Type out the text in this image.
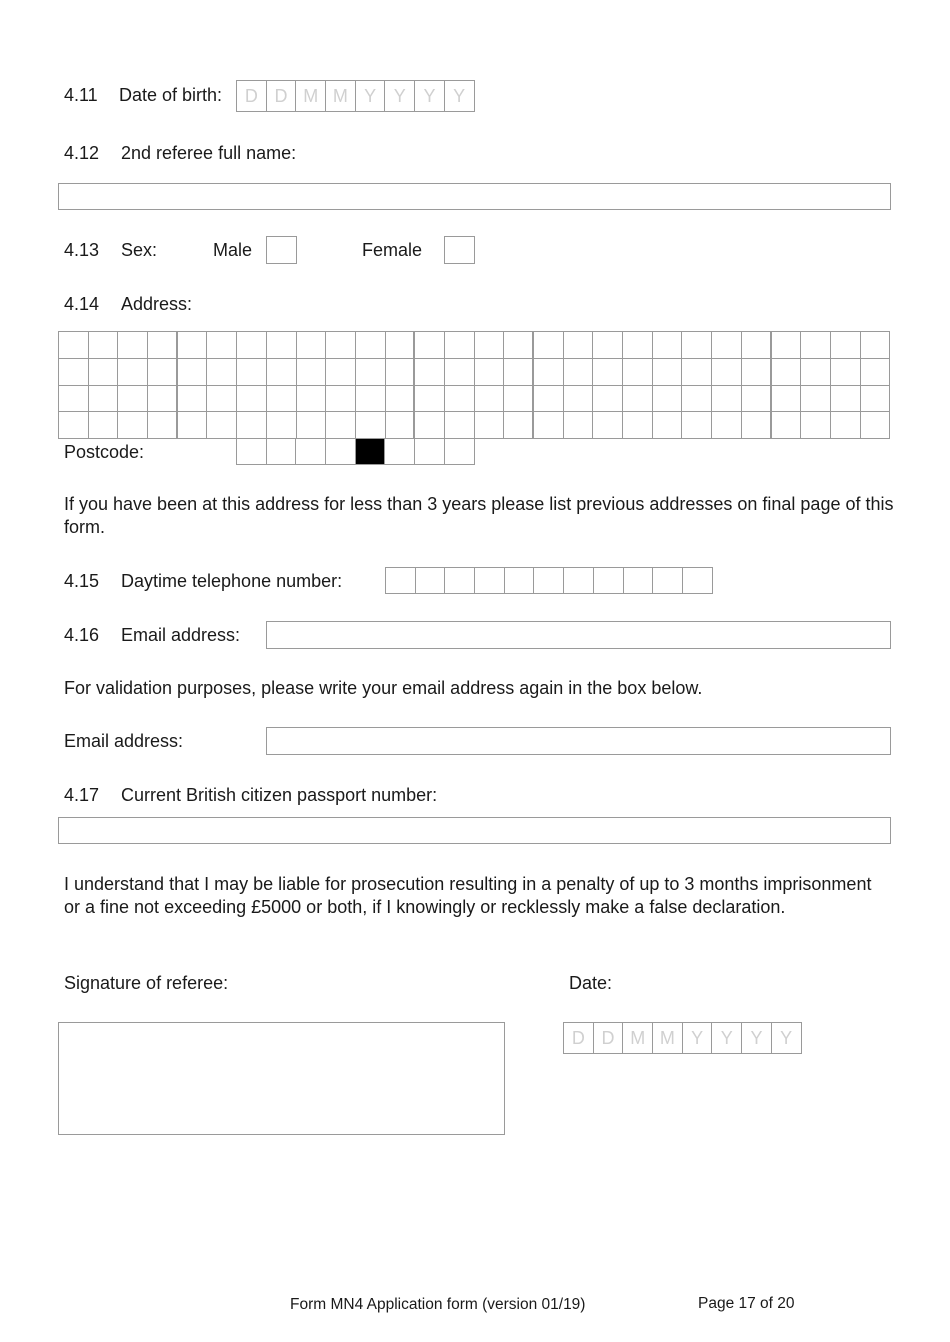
4.11 Date of birth:	D D M M Y Y Y Y
4.12 2nd referee full name:
4.13 Sex:	Male	Female
4.14 Address:
Postcode:
If you have been at this address for less than 3 years please list previous addresses on final page of this form.
4.15 Daytime telephone number:
4.16 Email address:
For validation purposes, please write your email address again in the box below.
Email address:
4.17 Current British citizen passport number:
I understand that I may be liable for prosecution resulting in a penalty of up to 3 months imprisonment or a fine not exceeding £5000 or both, if I knowingly or recklessly make a false declaration.
Signature of referee:	Date:
D D M M Y Y Y Y
Form MN4 Application form (version 01/19)	Page 17 of 20
